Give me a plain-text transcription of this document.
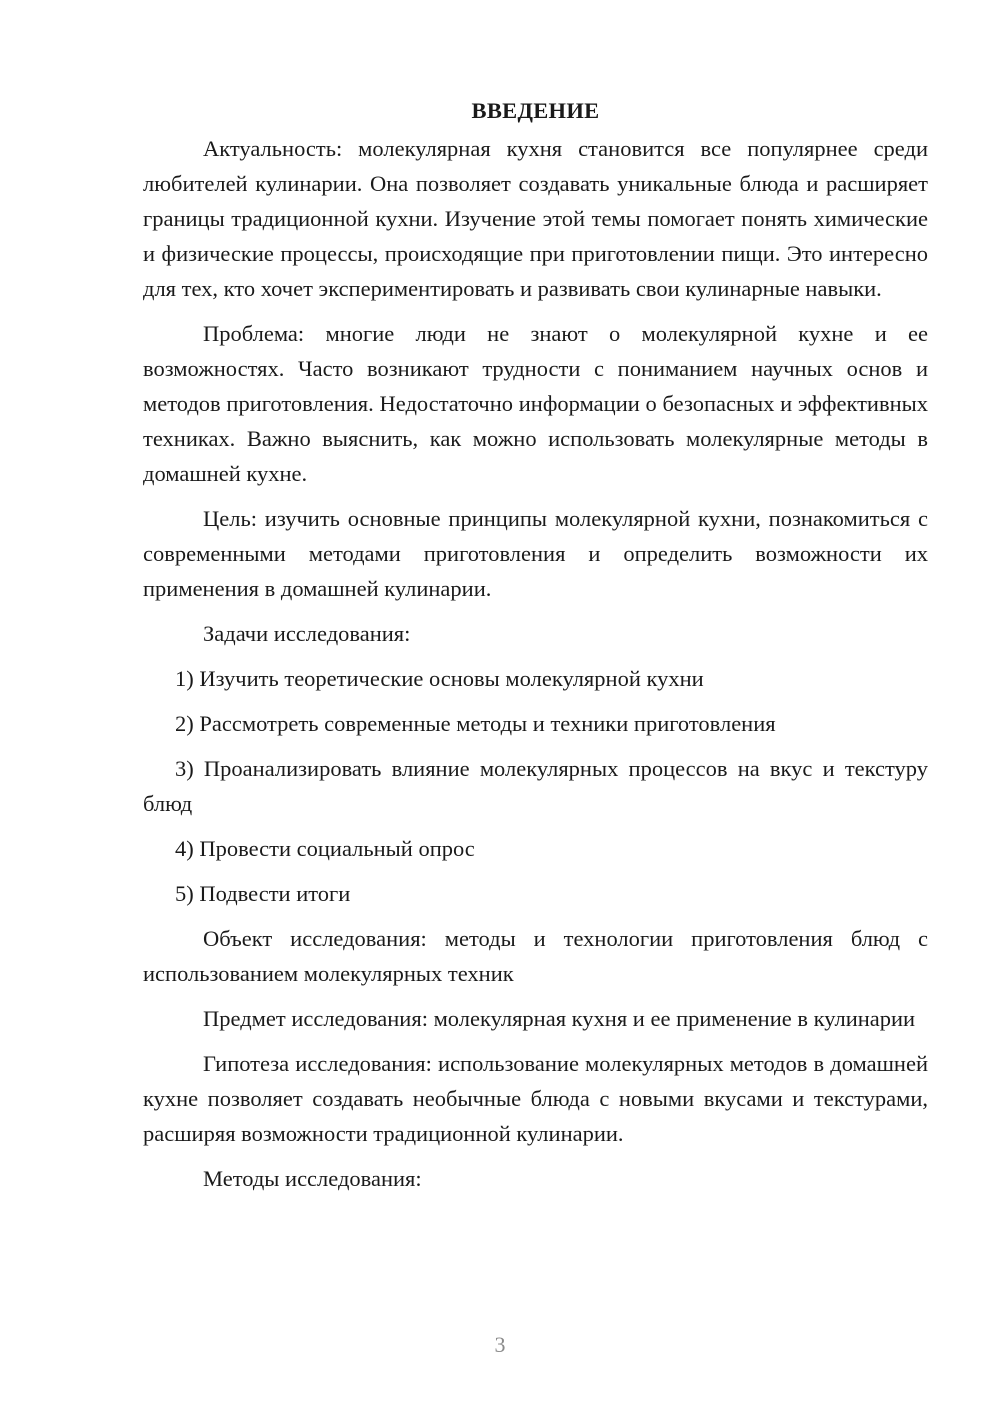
ВВЕДЕНИЕ

Актуальность: молекулярная кухня становится все популярнее среди любителей кулинарии. Она позволяет создавать уникальные блюда и расширяет границы традиционной кухни. Изучение этой темы помогает понять химические и физические процессы, происходящие при приготовлении пищи. Это интересно для тех, кто хочет экспериментировать и развивать свои кулинарные навыки.

Проблема: многие люди не знают о молекулярной кухне и ее возможностях. Часто возникают трудности с пониманием научных основ и методов приготовления. Недостаточно информации о безопасных и эффективных техниках. Важно выяснить, как можно использовать молекулярные методы в домашней кухне.

Цель: изучить основные принципы молекулярной кухни, познакомиться с современными методами приготовления и определить возможности их применения в домашней кулинарии.

Задачи исследования:

1) Изучить теоретические основы молекулярной кухни

2) Рассмотреть современные методы и техники приготовления

3) Проанализировать влияние молекулярных процессов на вкус и текстуру блюд

4) Провести социальный опрос

5) Подвести итоги

Объект исследования: методы и технологии приготовления блюд с использованием молекулярных техник

Предмет исследования: молекулярная кухня и ее применение в кулинарии

Гипотеза исследования: использование молекулярных методов в домашней кухне позволяет создавать необычные блюда с новыми вкусами и текстурами, расширяя возможности традиционной кулинарии.

Методы исследования:

3
